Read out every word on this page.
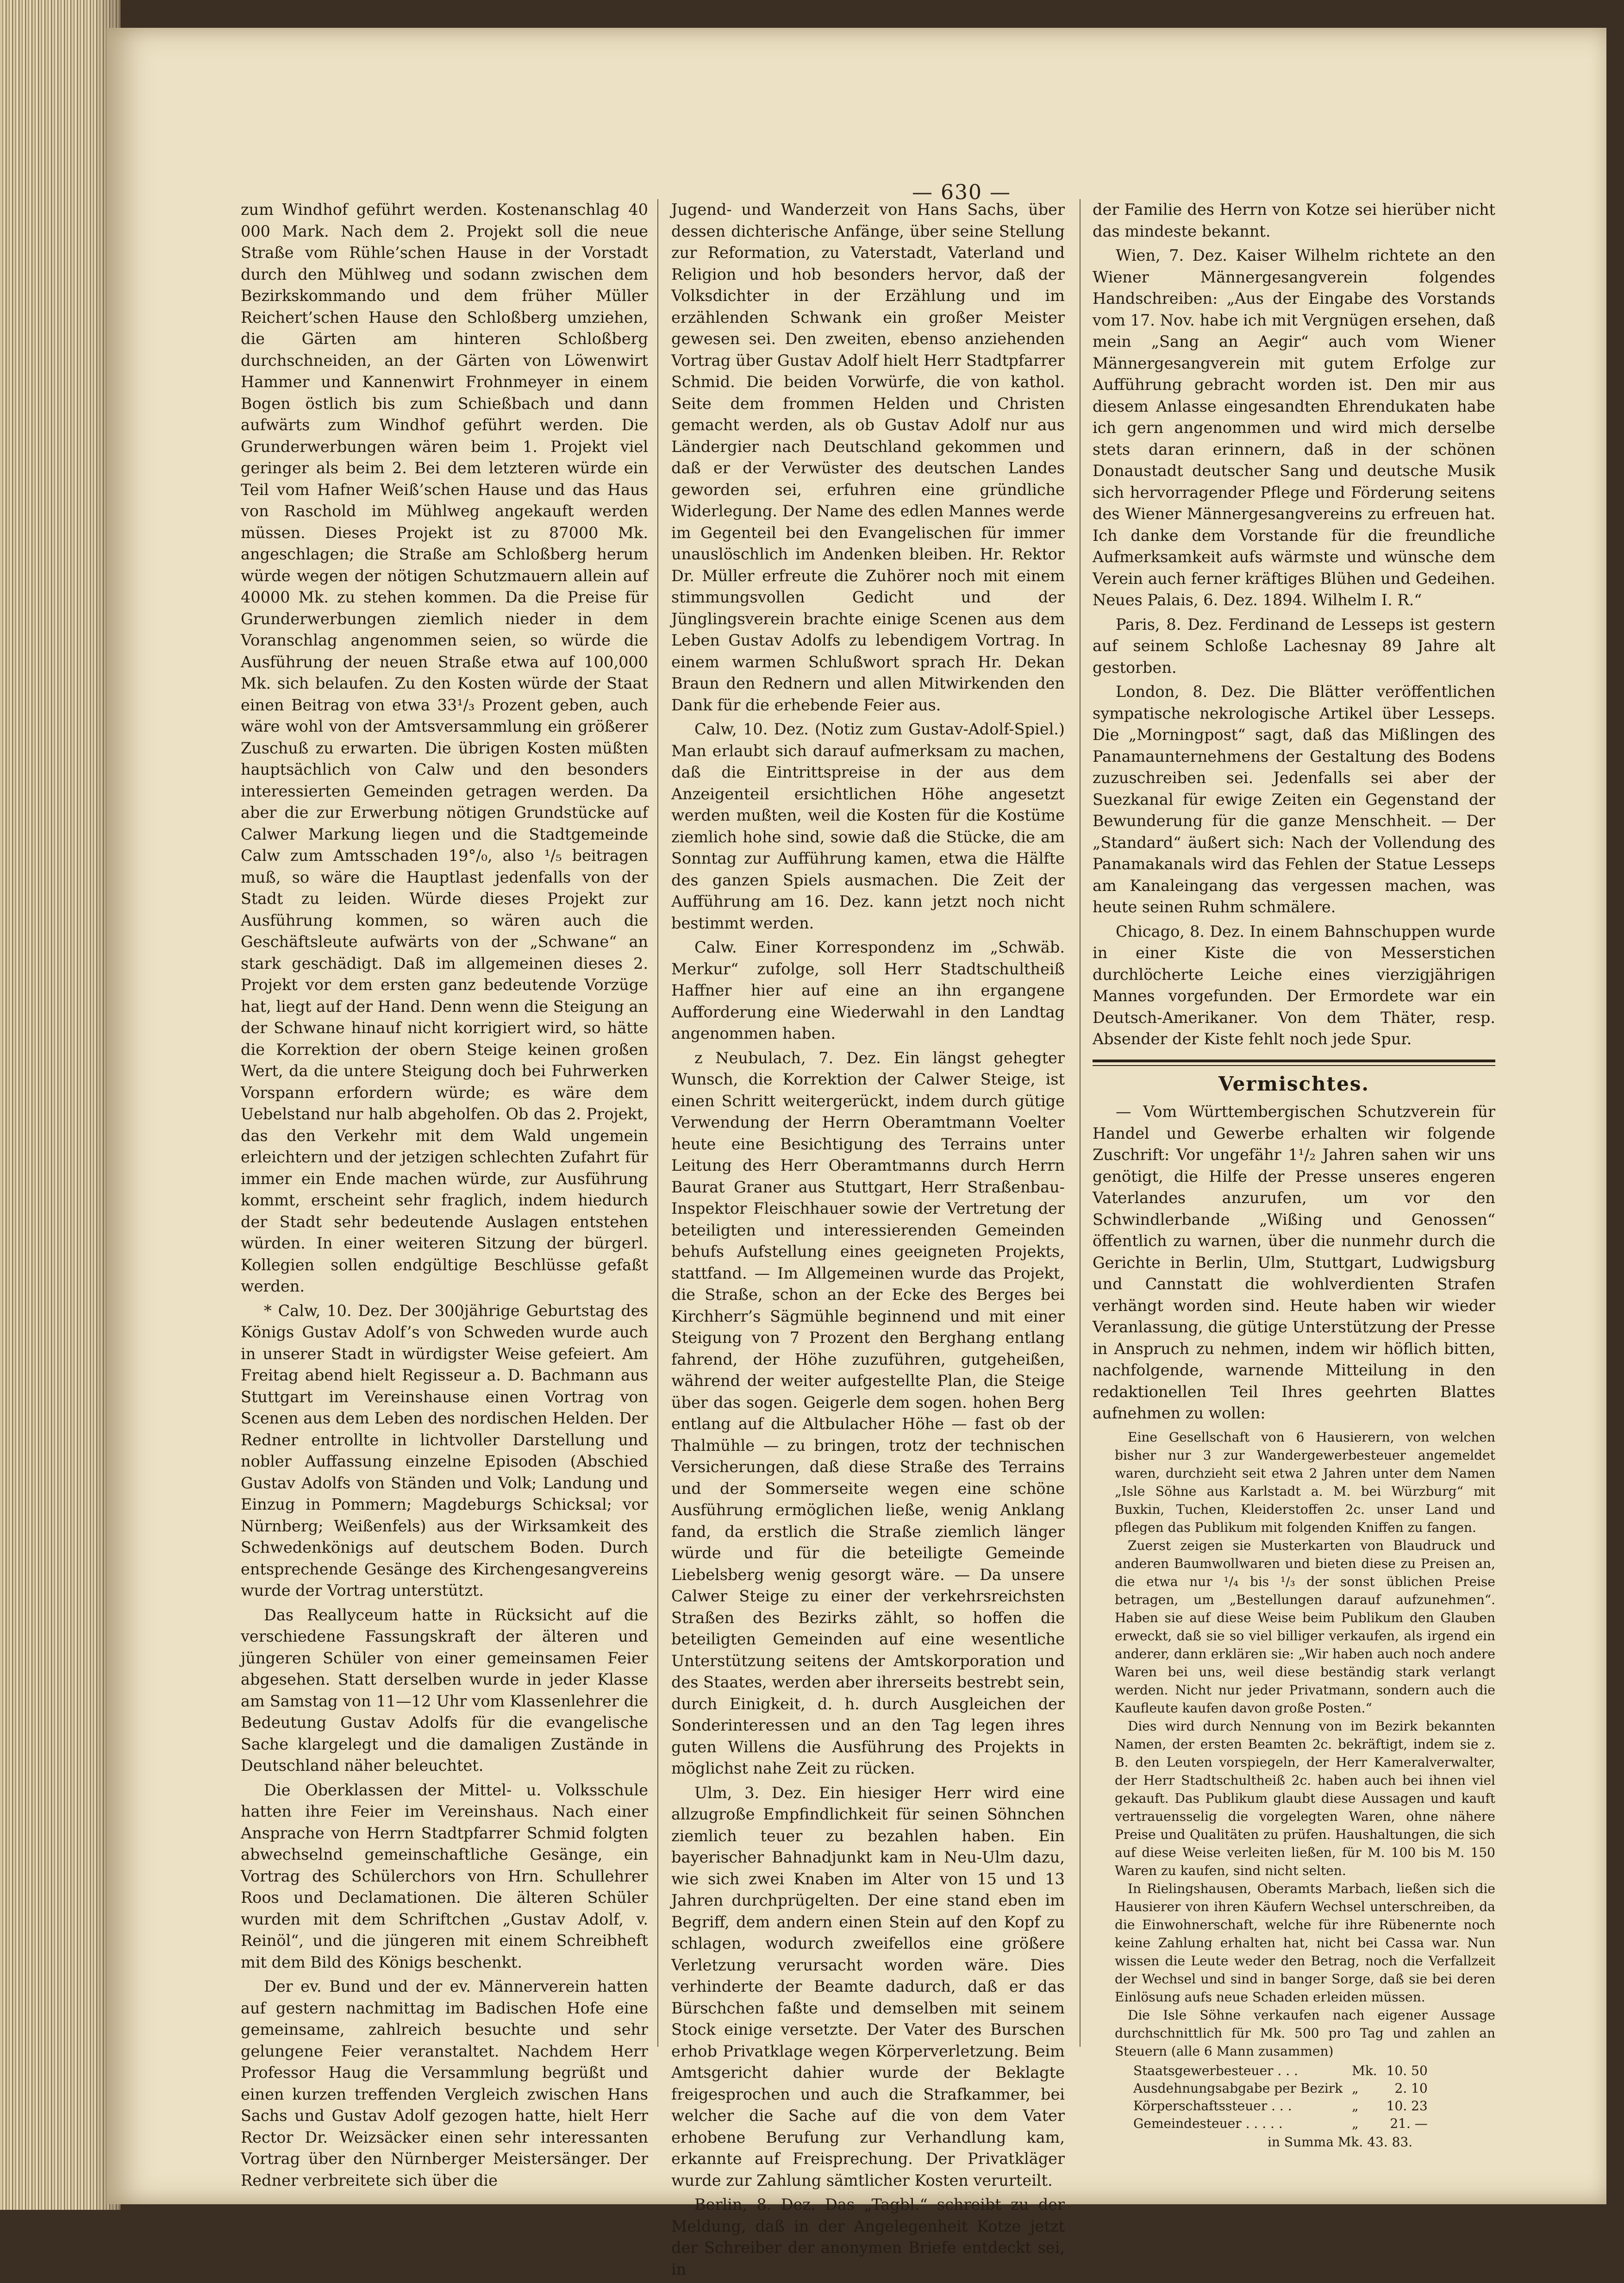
— 630 —

zum Windhof geführt werden. Kostenanschlag 40 000 Mark. Nach dem 2. Projekt soll die neue Straße vom Rühle’schen Hause in der Vorstadt durch den Mühlweg und sodann zwischen dem Bezirkskommando und dem früher Müller Reichert’schen Hause den Schloßberg umziehen, die Gärten am hinteren Schloßberg durchschneiden, an der Gärten von Löwenwirt Hammer und Kannenwirt Frohnmeyer in einem Bogen östlich bis zum Schießbach und dann aufwärts zum Windhof geführt werden. Die Grunderwerbungen wären beim 1. Projekt viel geringer als beim 2. Bei dem letzteren würde ein Teil vom Hafner Weiß’schen Hause und das Haus von Raschold im Mühlweg angekauft werden müssen. Dieses Projekt ist zu 87000 Mk. angeschlagen; die Straße am Schloßberg herum würde wegen der nötigen Schutzmauern allein auf 40000 Mk. zu stehen kommen. Da die Preise für Grunderwerbungen ziemlich nieder in dem Voranschlag angenommen seien, so würde die Ausführung der neuen Straße etwa auf 100,000 Mk. sich belaufen. Zu den Kosten würde der Staat einen Beitrag von etwa 33¹/₃ Prozent geben, auch wäre wohl von der Amtsversammlung ein größerer Zuschuß zu erwarten. Die übrigen Kosten müßten hauptsächlich von Calw und den besonders interessierten Gemeinden getragen werden. Da aber die zur Erwerbung nötigen Grundstücke auf Calwer Markung liegen und die Stadtgemeinde Calw zum Amtsschaden 19°/₀, also ¹/₅ beitragen muß, so wäre die Hauptlast jedenfalls von der Stadt zu leiden. Würde dieses Projekt zur Ausführung kommen, so wären auch die Geschäftsleute aufwärts von der „Schwane“ an stark geschädigt. Daß im allgemeinen dieses 2. Projekt vor dem ersten ganz bedeutende Vorzüge hat, liegt auf der Hand. Denn wenn die Steigung an der Schwane hinauf nicht korrigiert wird, so hätte die Korrektion der obern Steige keinen großen Wert, da die untere Steigung doch bei Fuhrwerken Vorspann erfordern würde; es wäre dem Uebelstand nur halb abgeholfen. Ob das 2. Projekt, das den Verkehr mit dem Wald ungemein erleichtern und der jetzigen schlechten Zufahrt für immer ein Ende machen würde, zur Ausführung kommt, erscheint sehr fraglich, indem hiedurch der Stadt sehr bedeutende Auslagen entstehen würden. In einer weiteren Sitzung der bürgerl. Kollegien sollen endgültige Beschlüsse gefaßt werden.

* Calw, 10. Dez. Der 300jährige Geburtstag des Königs Gustav Adolf’s von Schweden wurde auch in unserer Stadt in würdigster Weise gefeiert. Am Freitag abend hielt Regisseur a. D. Bachmann aus Stuttgart im Vereinshause einen Vortrag von Scenen aus dem Leben des nordischen Helden. Der Redner entrollte in lichtvoller Darstellung und nobler Auffassung einzelne Episoden (Abschied Gustav Adolfs von Ständen und Volk; Landung und Einzug in Pommern; Magdeburgs Schicksal; vor Nürnberg; Weißenfels) aus der Wirksamkeit des Schwedenkönigs auf deutschem Boden. Durch entsprechende Gesänge des Kirchengesangvereins wurde der Vortrag unterstützt.

Das Reallyceum hatte in Rücksicht auf die verschiedene Fassungskraft der älteren und jüngeren Schüler von einer gemeinsamen Feier abgesehen. Statt derselben wurde in jeder Klasse am Samstag von 11—12 Uhr vom Klassenlehrer die Bedeutung Gustav Adolfs für die evangelische Sache klargelegt und die damaligen Zustände in Deutschland näher beleuchtet.

Die Oberklassen der Mittel- u. Volksschule hatten ihre Feier im Vereinshaus. Nach einer Ansprache von Herrn Stadtpfarrer Schmid folgten abwechselnd gemeinschaftliche Gesänge, ein Vortrag des Schülerchors von Hrn. Schullehrer Roos und Declamationen. Die älteren Schüler wurden mit dem Schriftchen „Gustav Adolf, v. Reinöl“, und die jüngeren mit einem Schreibheft mit dem Bild des Königs beschenkt.

Der ev. Bund und der ev. Männerverein hatten auf gestern nachmittag im Badischen Hofe eine gemeinsame, zahlreich besuchte und sehr gelungene Feier veranstaltet. Nachdem Herr Professor Haug die Versammlung begrüßt und einen kurzen treffenden Vergleich zwischen Hans Sachs und Gustav Adolf gezogen hatte, hielt Herr Rector Dr. Weizsäcker einen sehr interessanten Vortrag über den Nürnberger Meistersänger. Der Redner verbreitete sich über die

Jugend- und Wanderzeit von Hans Sachs, über dessen dichterische Anfänge, über seine Stellung zur Reformation, zu Vaterstadt, Vaterland und Religion und hob besonders hervor, daß der Volksdichter in der Erzählung und im erzählenden Schwank ein großer Meister gewesen sei. Den zweiten, ebenso anziehenden Vortrag über Gustav Adolf hielt Herr Stadtpfarrer Schmid. Die beiden Vorwürfe, die von kathol. Seite dem frommen Helden und Christen gemacht werden, als ob Gustav Adolf nur aus Ländergier nach Deutschland gekommen und daß er der Verwüster des deutschen Landes geworden sei, erfuhren eine gründliche Widerlegung. Der Name des edlen Mannes werde im Gegenteil bei den Evangelischen für immer unauslöschlich im Andenken bleiben. Hr. Rektor Dr. Müller erfreute die Zuhörer noch mit einem stimmungsvollen Gedicht und der Jünglingsverein brachte einige Scenen aus dem Leben Gustav Adolfs zu lebendigem Vortrag. In einem warmen Schlußwort sprach Hr. Dekan Braun den Rednern und allen Mitwirkenden den Dank für die erhebende Feier aus.

Calw, 10. Dez. (Notiz zum Gustav-Adolf-Spiel.) Man erlaubt sich darauf aufmerksam zu machen, daß die Eintrittspreise in der aus dem Anzeigenteil ersichtlichen Höhe angesetzt werden mußten, weil die Kosten für die Kostüme ziemlich hohe sind, sowie daß die Stücke, die am Sonntag zur Aufführung kamen, etwa die Hälfte des ganzen Spiels ausmachen. Die Zeit der Aufführung am 16. Dez. kann jetzt noch nicht bestimmt werden.

Calw. Einer Korrespondenz im „Schwäb. Merkur“ zufolge, soll Herr Stadtschultheiß Haffner hier auf eine an ihn ergangene Aufforderung eine Wiederwahl in den Landtag angenommen haben.

z Neubulach, 7. Dez. Ein längst gehegter Wunsch, die Korrektion der Calwer Steige, ist einen Schritt weitergerückt, indem durch gütige Verwendung der Herrn Oberamtmann Voelter heute eine Besichtigung des Terrains unter Leitung des Herr Oberamtmanns durch Herrn Baurat Graner aus Stuttgart, Herr Straßenbau-Inspektor Fleischhauer sowie der Vertretung der beteiligten und interessierenden Gemeinden behufs Aufstellung eines geeigneten Projekts, stattfand. — Im Allgemeinen wurde das Projekt, die Straße, schon an der Ecke des Berges bei Kirchherr’s Sägmühle beginnend und mit einer Steigung von 7 Prozent den Berghang entlang fahrend, der Höhe zuzuführen, gutgeheißen, während der weiter aufgestellte Plan, die Steige über das sogen. Geigerle dem sogen. hohen Berg entlang auf die Altbulacher Höhe — fast ob der Thalmühle — zu bringen, trotz der technischen Versicherungen, daß diese Straße des Terrains und der Sommerseite wegen eine schöne Ausführung ermöglichen ließe, wenig Anklang fand, da erstlich die Straße ziemlich länger würde und für die beteiligte Gemeinde Liebelsberg wenig gesorgt wäre. — Da unsere Calwer Steige zu einer der verkehrsreichsten Straßen des Bezirks zählt, so hoffen die beteiligten Gemeinden auf eine wesentliche Unterstützung seitens der Amtskorporation und des Staates, werden aber ihrerseits bestrebt sein, durch Einigkeit, d. h. durch Ausgleichen der Sonderinteressen und an den Tag legen ihres guten Willens die Ausführung des Projekts in möglichst nahe Zeit zu rücken.

Ulm, 3. Dez. Ein hiesiger Herr wird eine allzugroße Empfindlichkeit für seinen Söhnchen ziemlich teuer zu bezahlen haben. Ein bayerischer Bahnadjunkt kam in Neu-Ulm dazu, wie sich zwei Knaben im Alter von 15 und 13 Jahren durchprügelten. Der eine stand eben im Begriff, dem andern einen Stein auf den Kopf zu schlagen, wodurch zweifellos eine größere Verletzung verursacht worden wäre. Dies verhinderte der Beamte dadurch, daß er das Bürschchen faßte und demselben mit seinem Stock einige versetzte. Der Vater des Burschen erhob Privatklage wegen Körperverletzung. Beim Amtsgericht dahier wurde der Beklagte freigesprochen und auch die Strafkammer, bei welcher die Sache auf die von dem Vater erhobene Berufung zur Verhandlung kam, erkannte auf Freisprechung. Der Privatkläger wurde zur Zahlung sämtlicher Kosten verurteilt.

Berlin, 8. Dez. Das „Tagbl.“ schreibt zu der Meldung, daß in der Angelegenheit Kotze jetzt der Schreiber der anonymen Briefe entdeckt sei, in

der Familie des Herrn von Kotze sei hierüber nicht das mindeste bekannt.

Wien, 7. Dez. Kaiser Wilhelm richtete an den Wiener Männergesangverein folgendes Handschreiben: „Aus der Eingabe des Vorstands vom 17. Nov. habe ich mit Vergnügen ersehen, daß mein „Sang an Aegir“ auch vom Wiener Männergesangverein mit gutem Erfolge zur Aufführung gebracht worden ist. Den mir aus diesem Anlasse eingesandten Ehrendukaten habe ich gern angenommen und wird mich derselbe stets daran erinnern, daß in der schönen Donaustadt deutscher Sang und deutsche Musik sich hervorragender Pflege und Förderung seitens des Wiener Männergesangvereins zu erfreuen hat. Ich danke dem Vorstande für die freundliche Aufmerksamkeit aufs wärmste und wünsche dem Verein auch ferner kräftiges Blühen und Gedeihen. Neues Palais, 6. Dez. 1894. Wilhelm I. R.“

Paris, 8. Dez. Ferdinand de Lesseps ist gestern auf seinem Schloße Lachesnay 89 Jahre alt gestorben.

London, 8. Dez. Die Blätter veröffentlichen sympatische nekrologische Artikel über Lesseps. Die „Morningpost“ sagt, daß das Mißlingen des Panamaunternehmens der Gestaltung des Bodens zuzuschreiben sei. Jedenfalls sei aber der Suezkanal für ewige Zeiten ein Gegenstand der Bewunderung für die ganze Menschheit. — Der „Standard“ äußert sich: Nach der Vollendung des Panamakanals wird das Fehlen der Statue Lesseps am Kanaleingang das vergessen machen, was heute seinen Ruhm schmälere.

Chicago, 8. Dez. In einem Bahnschuppen wurde in einer Kiste die von Messerstichen durchlöcherte Leiche eines vierzigjährigen Mannes vorgefunden. Der Ermordete war ein Deutsch-Amerikaner. Von dem Thäter, resp. Absender der Kiste fehlt noch jede Spur.

Vermischtes.

— Vom Württembergischen Schutzverein für Handel und Gewerbe erhalten wir folgende Zuschrift: Vor ungefähr 1¹/₂ Jahren sahen wir uns genötigt, die Hilfe der Presse unseres engeren Vaterlandes anzurufen, um vor den Schwindlerbande „Wißing und Genossen“ öffentlich zu warnen, über die nunmehr durch die Gerichte in Berlin, Ulm, Stuttgart, Ludwigsburg und Cannstatt die wohlverdienten Strafen verhängt worden sind. Heute haben wir wieder Veranlassung, die gütige Unterstützung der Presse in Anspruch zu nehmen, indem wir höflich bitten, nachfolgende, warnende Mitteilung in den redaktionellen Teil Ihres geehrten Blattes aufnehmen zu wollen:

Eine Gesellschaft von 6 Hausierern, von welchen bisher nur 3 zur Wandergewerbesteuer angemeldet waren, durchzieht seit etwa 2 Jahren unter dem Namen „Isle Söhne aus Karlstadt a. M. bei Würzburg“ mit Buxkin, Tuchen, Kleiderstoffen 2c. unser Land und pflegen das Publikum mit folgenden Kniffen zu fangen.

Zuerst zeigen sie Musterkarten von Blaudruck und anderen Baumwollwaren und bieten diese zu Preisen an, die etwa nur ¹/₄ bis ¹/₃ der sonst üblichen Preise betragen, um „Bestellungen darauf aufzunehmen“. Haben sie auf diese Weise beim Publikum den Glauben erweckt, daß sie so viel billiger verkaufen, als irgend ein anderer, dann erklären sie: „Wir haben auch noch andere Waren bei uns, weil diese beständig stark verlangt werden. Nicht nur jeder Privatmann, sondern auch die Kaufleute kaufen davon große Posten.“

Dies wird durch Nennung von im Bezirk bekannten Namen, der ersten Beamten 2c. bekräftigt, indem sie z. B. den Leuten vorspiegeln, der Herr Kameralverwalter, der Herr Stadtschultheiß 2c. haben auch bei ihnen viel gekauft. Das Publikum glaubt diese Aussagen und kauft vertrauensselig die vorgelegten Waren, ohne nähere Preise und Qualitäten zu prüfen. Haushaltungen, die sich auf diese Weise verleiten ließen, für M. 100 bis M. 150 Waren zu kaufen, sind nicht selten.

In Rielingshausen, Oberamts Marbach, ließen sich die Hausierer von ihren Käufern Wechsel unterschreiben, da die Einwohnerschaft, welche für ihre Rübenernte noch keine Zahlung erhalten hat, nicht bei Cassa war. Nun wissen die Leute weder den Betrag, noch die Verfallzeit der Wechsel und sind in banger Sorge, daß sie bei deren Einlösung aufs neue Schaden erleiden müssen.

Die Isle Söhne verkaufen nach eigener Aussage durchschnittlich für Mk. 500 pro Tag und zahlen an Steuern (alle 6 Mann zusammen)

Staatsgewerbesteuer . . .	Mk.	10. 50
Ausdehnungsabgabe per Bezirk	„	2. 10
Körperschaftssteuer . . .	„	10. 23
Gemeindesteuer . . . . .	„	21. —
in Summa Mk. 43. 83.
